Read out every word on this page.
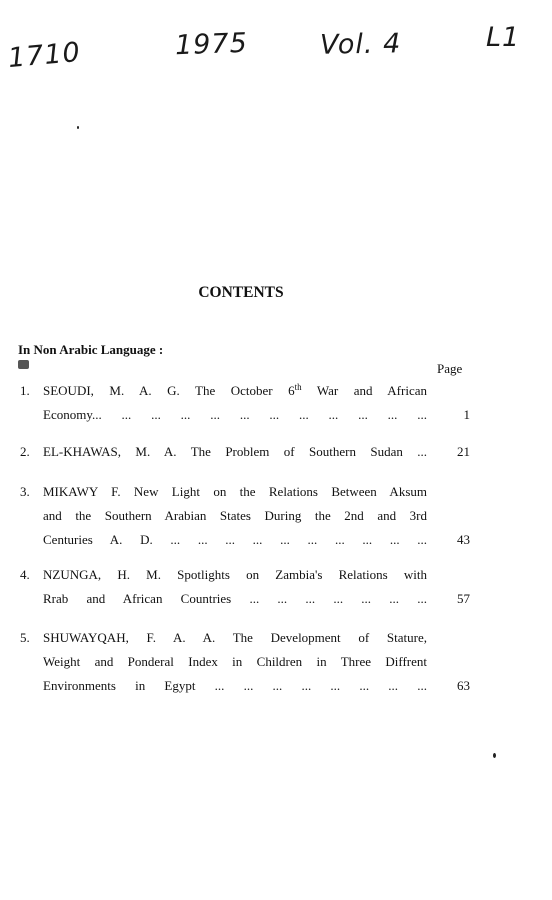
1710	1975	Vol. 4	L1
CONTENTS
In Non Arabic Language :
Page
1. SEOUDI, M. A. G. The October 6th War and African
Economy... ... ... ... ... ... ... ... ... ... ... ...	1
2. EL-KHAWAS, M. A. The Problem of Southern Sudan ... 21
3. MIKAWY F. New Light on the Relations Between Aksum
and the Southern Arabian States During the 2nd and 3rd
Centuries A. D. ... ... ... ... ... ... ... ... ... ... 43
4. NZUNGA, H. M. Spotlights on Zambia's Relations with
Rrab and African Countries ... ... ... ... ... ... ... 57
5. SHUWAYQAH, F. A. A. The Development of Stature,
Weight and Ponderal Index in Children in Three Diffrent
Environments in Egypt ... ... ... ... ... ... ... ... 63
